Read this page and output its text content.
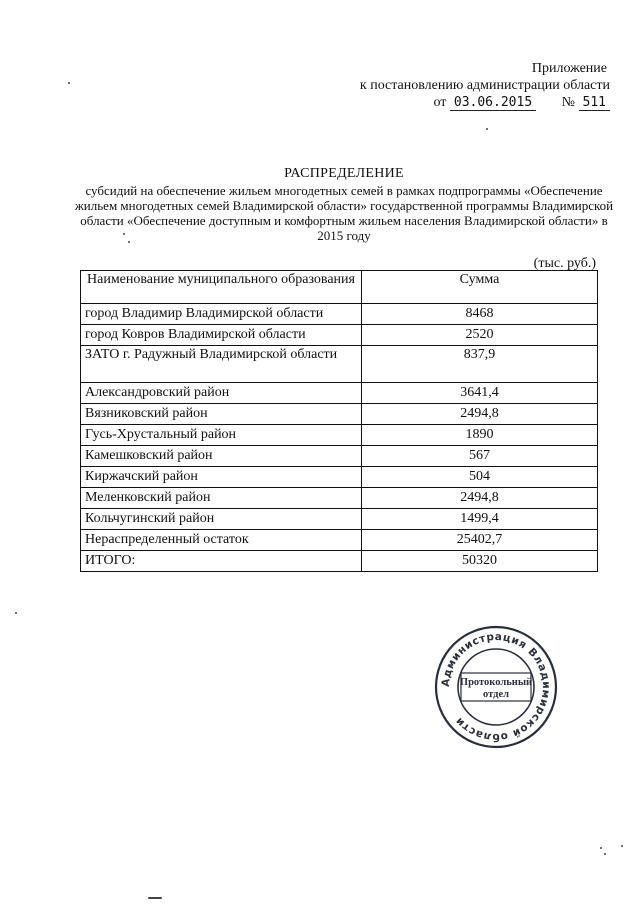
Приложение
к постановлению администрации области
от 03.06.2015 № 511
РАСПРЕДЕЛЕНИЕ
субсидий на обеспечение жильем многодетных семей в рамках подпрограммы «Обеспечение жильем многодетных семей Владимирской области» государственной программы Владимирской области «Обеспечение доступным и комфортным жильем населения Владимирской области» в 2015 году
(тыс. руб.)
Наименование муниципального образования	Сумма
город Владимир Владимирской области	8468
город Ковров Владимирской области	2520
ЗАТО г. Радужный Владимирской области	837,9
Александровский район	3641,4
Вязниковский район	2494,8
Гусь-Хрустальный район	1890
Камешковский район	567
Киржачский район	504
Меленковский район	2494,8
Кольчугинский район	1499,4
Нераспределенный остаток	25402,7
ИТОГО:	50320
Администрация Владимирской области
Протокольный
отдел
